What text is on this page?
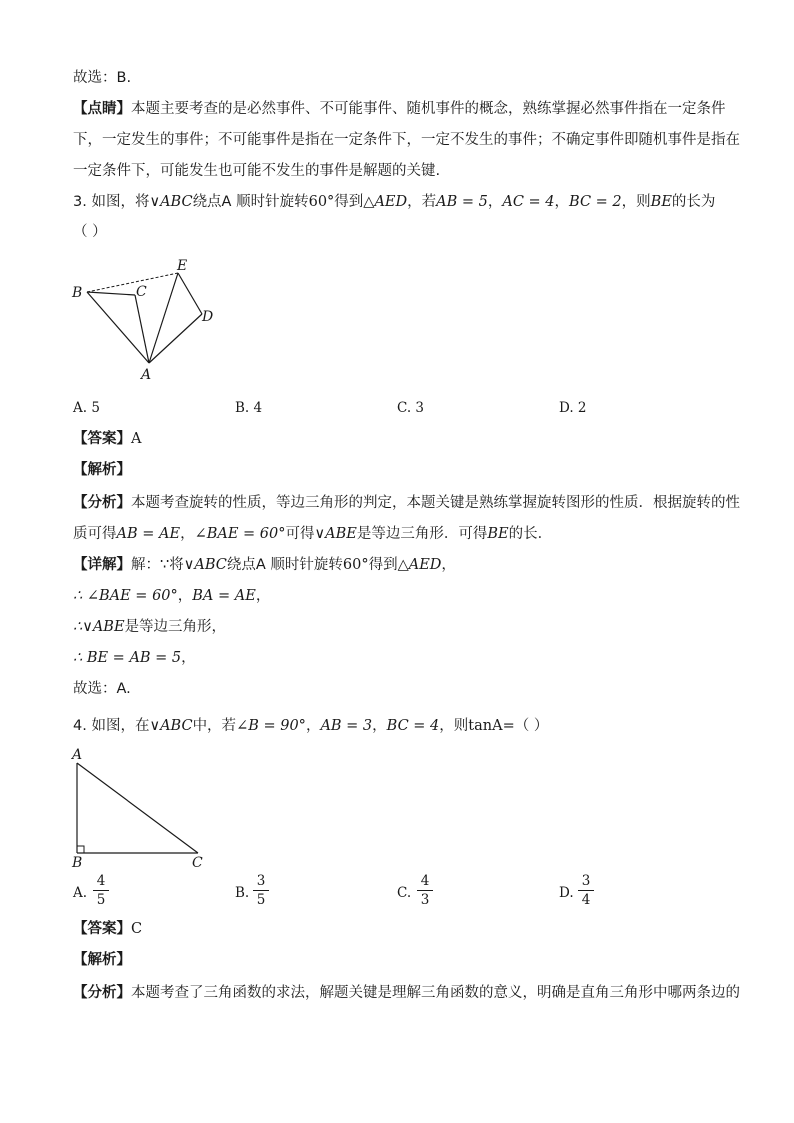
故选：B.
【点睛】本题主要考查的是必然事件、不可能事件、随机事件的概念，熟练掌握必然事件指在一定条件
下，一定发生的事件；不可能事件是指在一定条件下，一定不发生的事件；不确定事件即随机事件是指在
一定条件下，可能发生也可能不发生的事件是解题的关键.
3. 如图，将∨ABC绕点A 顺时针旋转60°得到△AED，若AB = 5，AC = 4，BC = 2，则BE的长为
（ ）
B	C
E
D
A
A. 5	B. 4	C. 3	D. 2
【答案】A
【解析】
【分析】本题考查旋转的性质，等边三角形的判定，本题关键是熟练掌握旋转图形的性质．根据旋转的性
质可得AB = AE，∠BAE = 60°可得∨ABE是等边三角形．可得BE的长．
【详解】解：∵将∨ABC绕点A 顺时针旋转60°得到△AED，
∴ ∠BAE = 60°，BA = AE，
∴∨ABE是等边三角形，
∴ BE = AB = 5，
故选：A.
4. 如图，在∨ABC中，若∠B = 90°，AB = 3，BC = 4，则tanA=（ ）
A
B	C
A.
4
5	B.
3
5	C.
4
3	D.
3
4
【答案】C
【解析】
【分析】本题考查了三角函数的求法，解题关键是理解三角函数的意义，明确是直角三角形中哪两条边的
